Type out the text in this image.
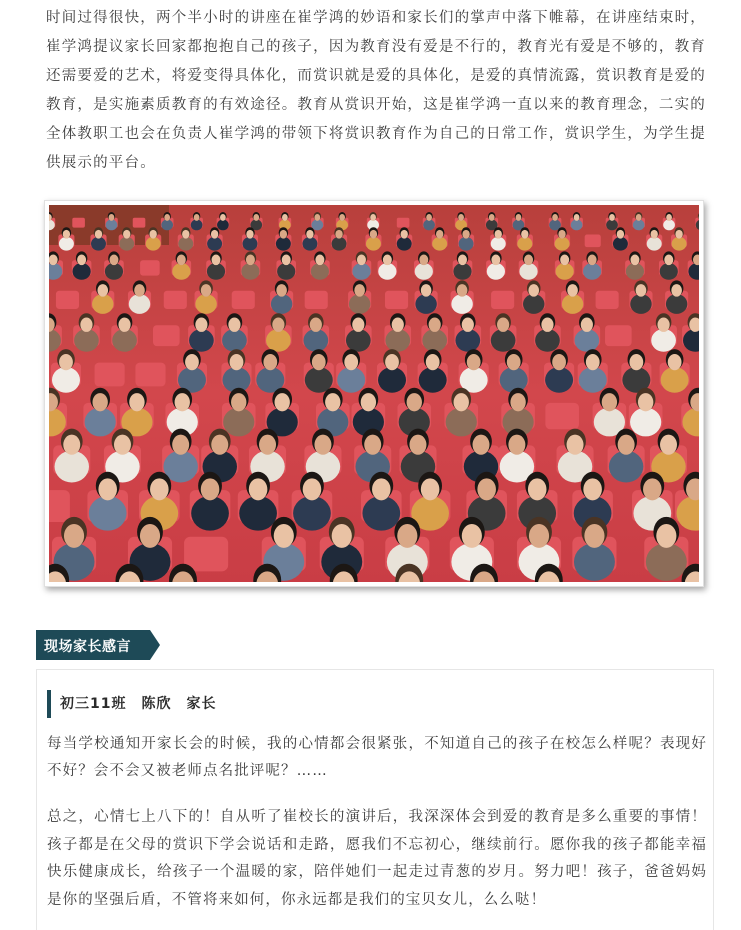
时间过得很快，两个半小时的讲座在崔学鸿的妙语和家长们的掌声中落下帷幕，在讲座结束时，崔学鸿提议家长回家都抱抱自己的孩子，因为教育没有爱是不行的，教育光有爱是不够的，教育还需要爱的艺术，将爱变得具体化，而赏识就是爱的具体化，是爱的真情流露，赏识教育是爱的教育，是实施素质教育的有效途径。教育从赏识开始，这是崔学鸿一直以来的教育理念，二实的全体教职工也会在负责人崔学鸿的带领下将赏识教育作为自己的日常工作，赏识学生，为学生提供展示的平台。
现场家长感言
初三11班　陈欣　家长
每当学校通知开家长会的时候，我的心情都会很紧张，不知道自己的孩子在校怎么样呢？表现好不好？会不会又被老师点名批评呢？……
总之，心情七上八下的！自从听了崔校长的演讲后，我深深体会到爱的教育是多么重要的事情！孩子都是在父母的赏识下学会说话和走路，愿我们不忘初心，继续前行。愿你我的孩子都能幸福快乐健康成长，给孩子一个温暖的家，陪伴她们一起走过青葱的岁月。努力吧！孩子，爸爸妈妈是你的坚强后盾，不管将来如何，你永远都是我们的宝贝女儿，么么哒！
